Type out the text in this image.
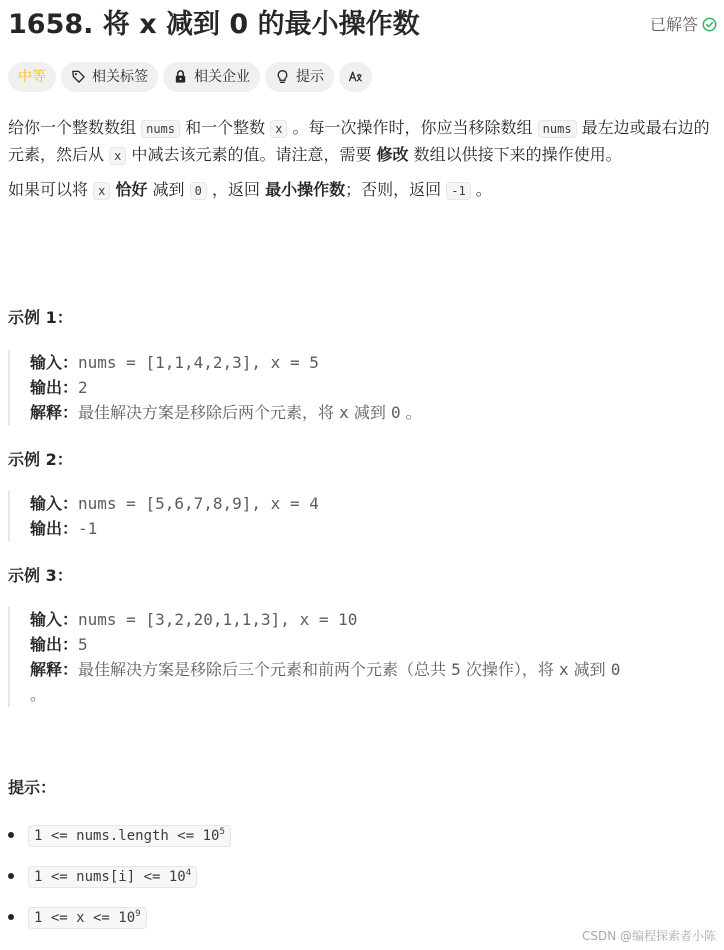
1658. 将 x 减到 0 的最小操作数	已解答
中等	相关标签	相关企业	提示

给你一个整数数组 nums 和一个整数 x 。每一次操作时，你应当移除数组 nums 最左边或最右边的元素，然后从 x 中减去该元素的值。请注意，需要 修改 数组以供接下来的操作使用。

如果可以将 x 恰好 减到 0 ，返回 最小操作数；否则，返回 -1 。

示例 1：
输入：nums = [1,1,4,2,3], x = 5
输出：2
解释：最佳解决方案是移除后两个元素，将 x 减到 0 。
示例 2：
输入：nums = [5,6,7,8,9], x = 4
输出：-1
示例 3：
输入：nums = [3,2,20,1,1,3], x = 10
输出：5
解释：最佳解决方案是移除后三个元素和前两个元素（总共 5 次操作），将 x 减到 0
。
提示：
1 <= nums.length <= $10^5$
1 <= nums[i] <= $10^4$
$1 <= x <= 10^9$
CSDN @编程探索者小陈
